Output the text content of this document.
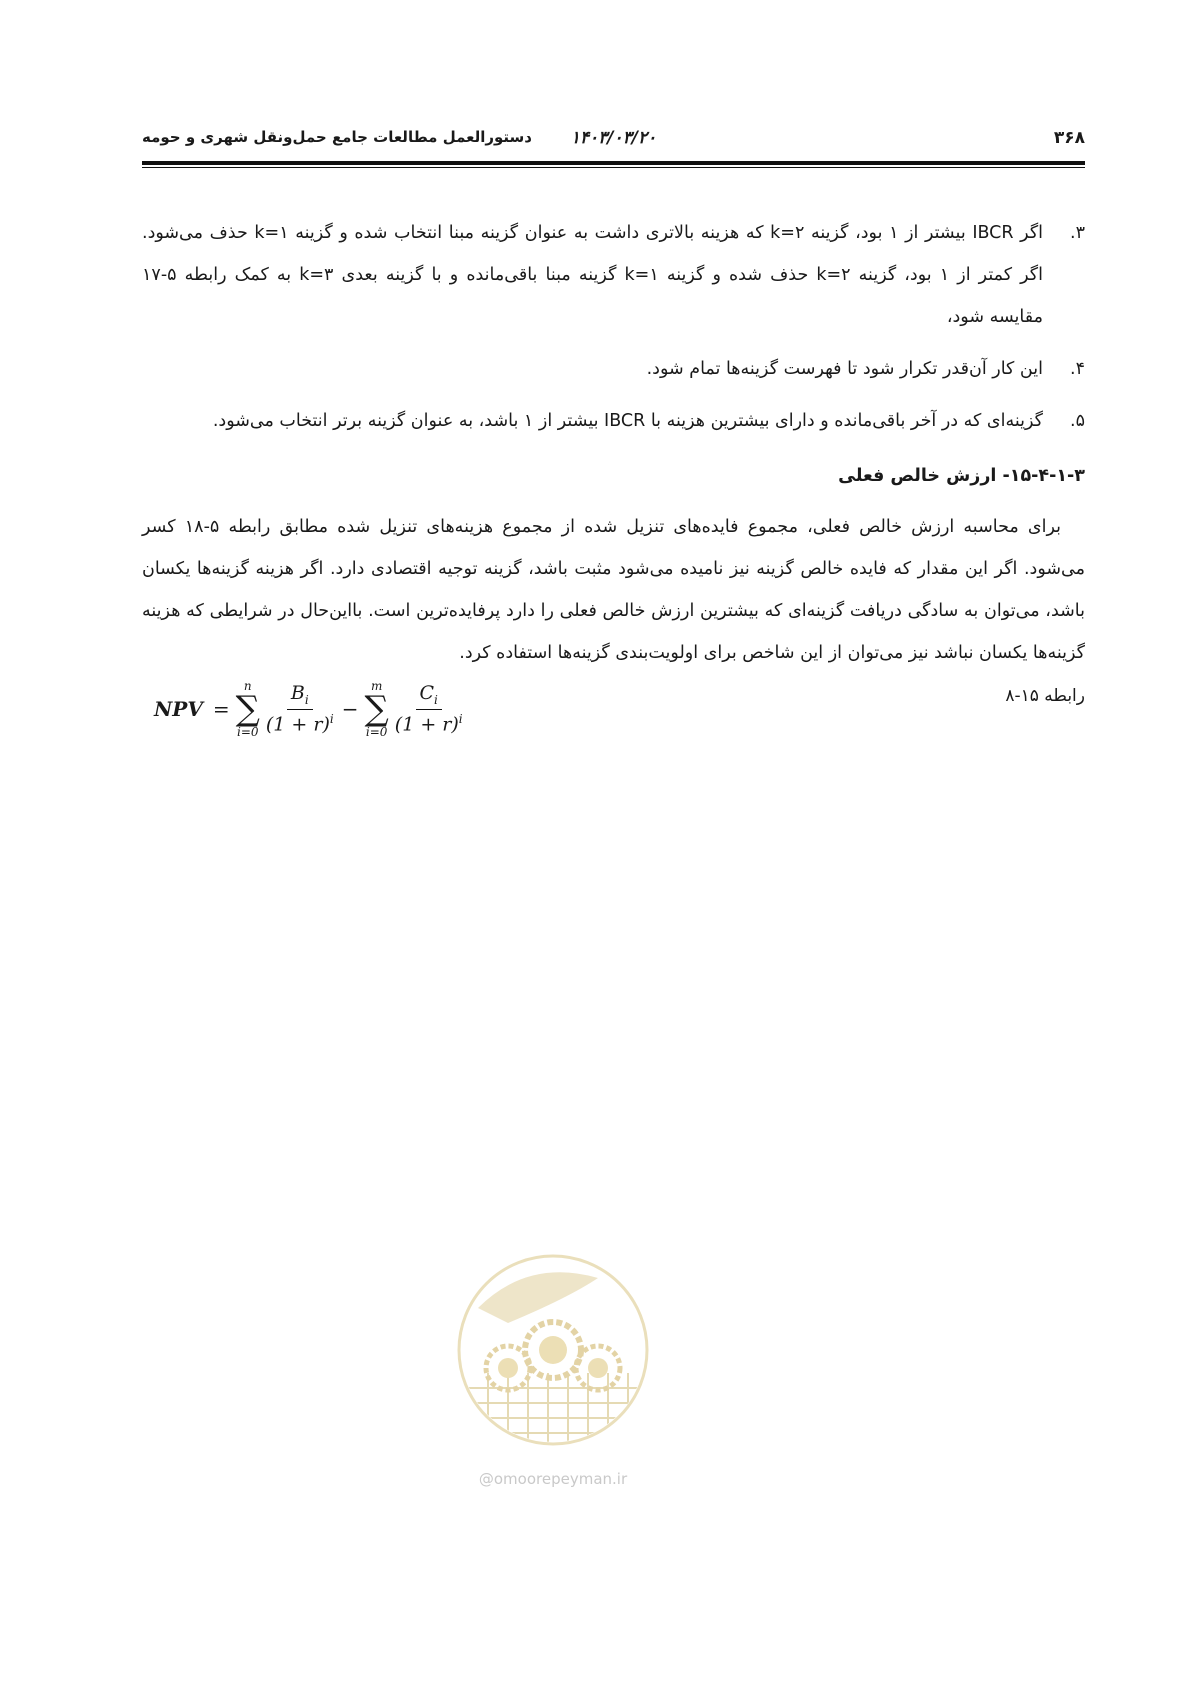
۳۶۸
۱۴۰۳/۰۳/۲۰
دستورالعمل مطالعات جامع حمل‌ونقل شهری و حومه
۳.
اگر IBCR بیشتر از ۱ بود، گزینه k=۲ که هزینه بالاتری داشت به عنوان گزینه مبنا انتخاب شده و گزینه k=۱ حذف می‌شود. اگر کمتر از ۱ بود، گزینه k=۲ حذف شده و گزینه k=۱ گزینه مبنا باقی‌مانده و با گزینه بعدی k=۳ به کمک رابطه ۵-۱۷ مقایسه شود،
۴.
این کار آن‌قدر تکرار شود تا فهرست گزینه‌ها تمام شود.
۵.
گزینه‌ای که در آخر باقی‌مانده و دارای بیشترین هزینه با IBCR بیشتر از ۱ باشد، به عنوان گزینه برتر انتخاب می‌شود.
۱۵-۴-۱-۳- ارزش خالص فعلی

برای محاسبه ارزش خالص فعلی، مجموع فایده‌های تنزیل شده از مجموع هزینه‌های تنزیل شده مطابق رابطه ۵-۱۸ کسر می‌شود. اگر این مقدار که فایده خالص گزینه نیز نامیده می‌شود مثبت باشد، گزینه توجیه اقتصادی دارد. اگر هزینه گزینه‌ها یکسان باشد، می‌توان به سادگی دریافت گزینه‌ای که بیشترین ارزش خالص فعلی را دارد پرفایده‌ترین است. بااین‌حال در شرایطی که هزینه گزینه‌ها یکسان نباشد نیز می‌توان از این شاخص برای اولویت‌بندی گزینه‌ها استفاده کرد.

رابطه ۱۵-۸
NPV =
n
∑
$i=0 \frac{B_i}{(1 + r)^i}$ −
m
∑
$i=0 \frac{C_i}{(1 + r)^i}$
@omoorepeyman.ir
